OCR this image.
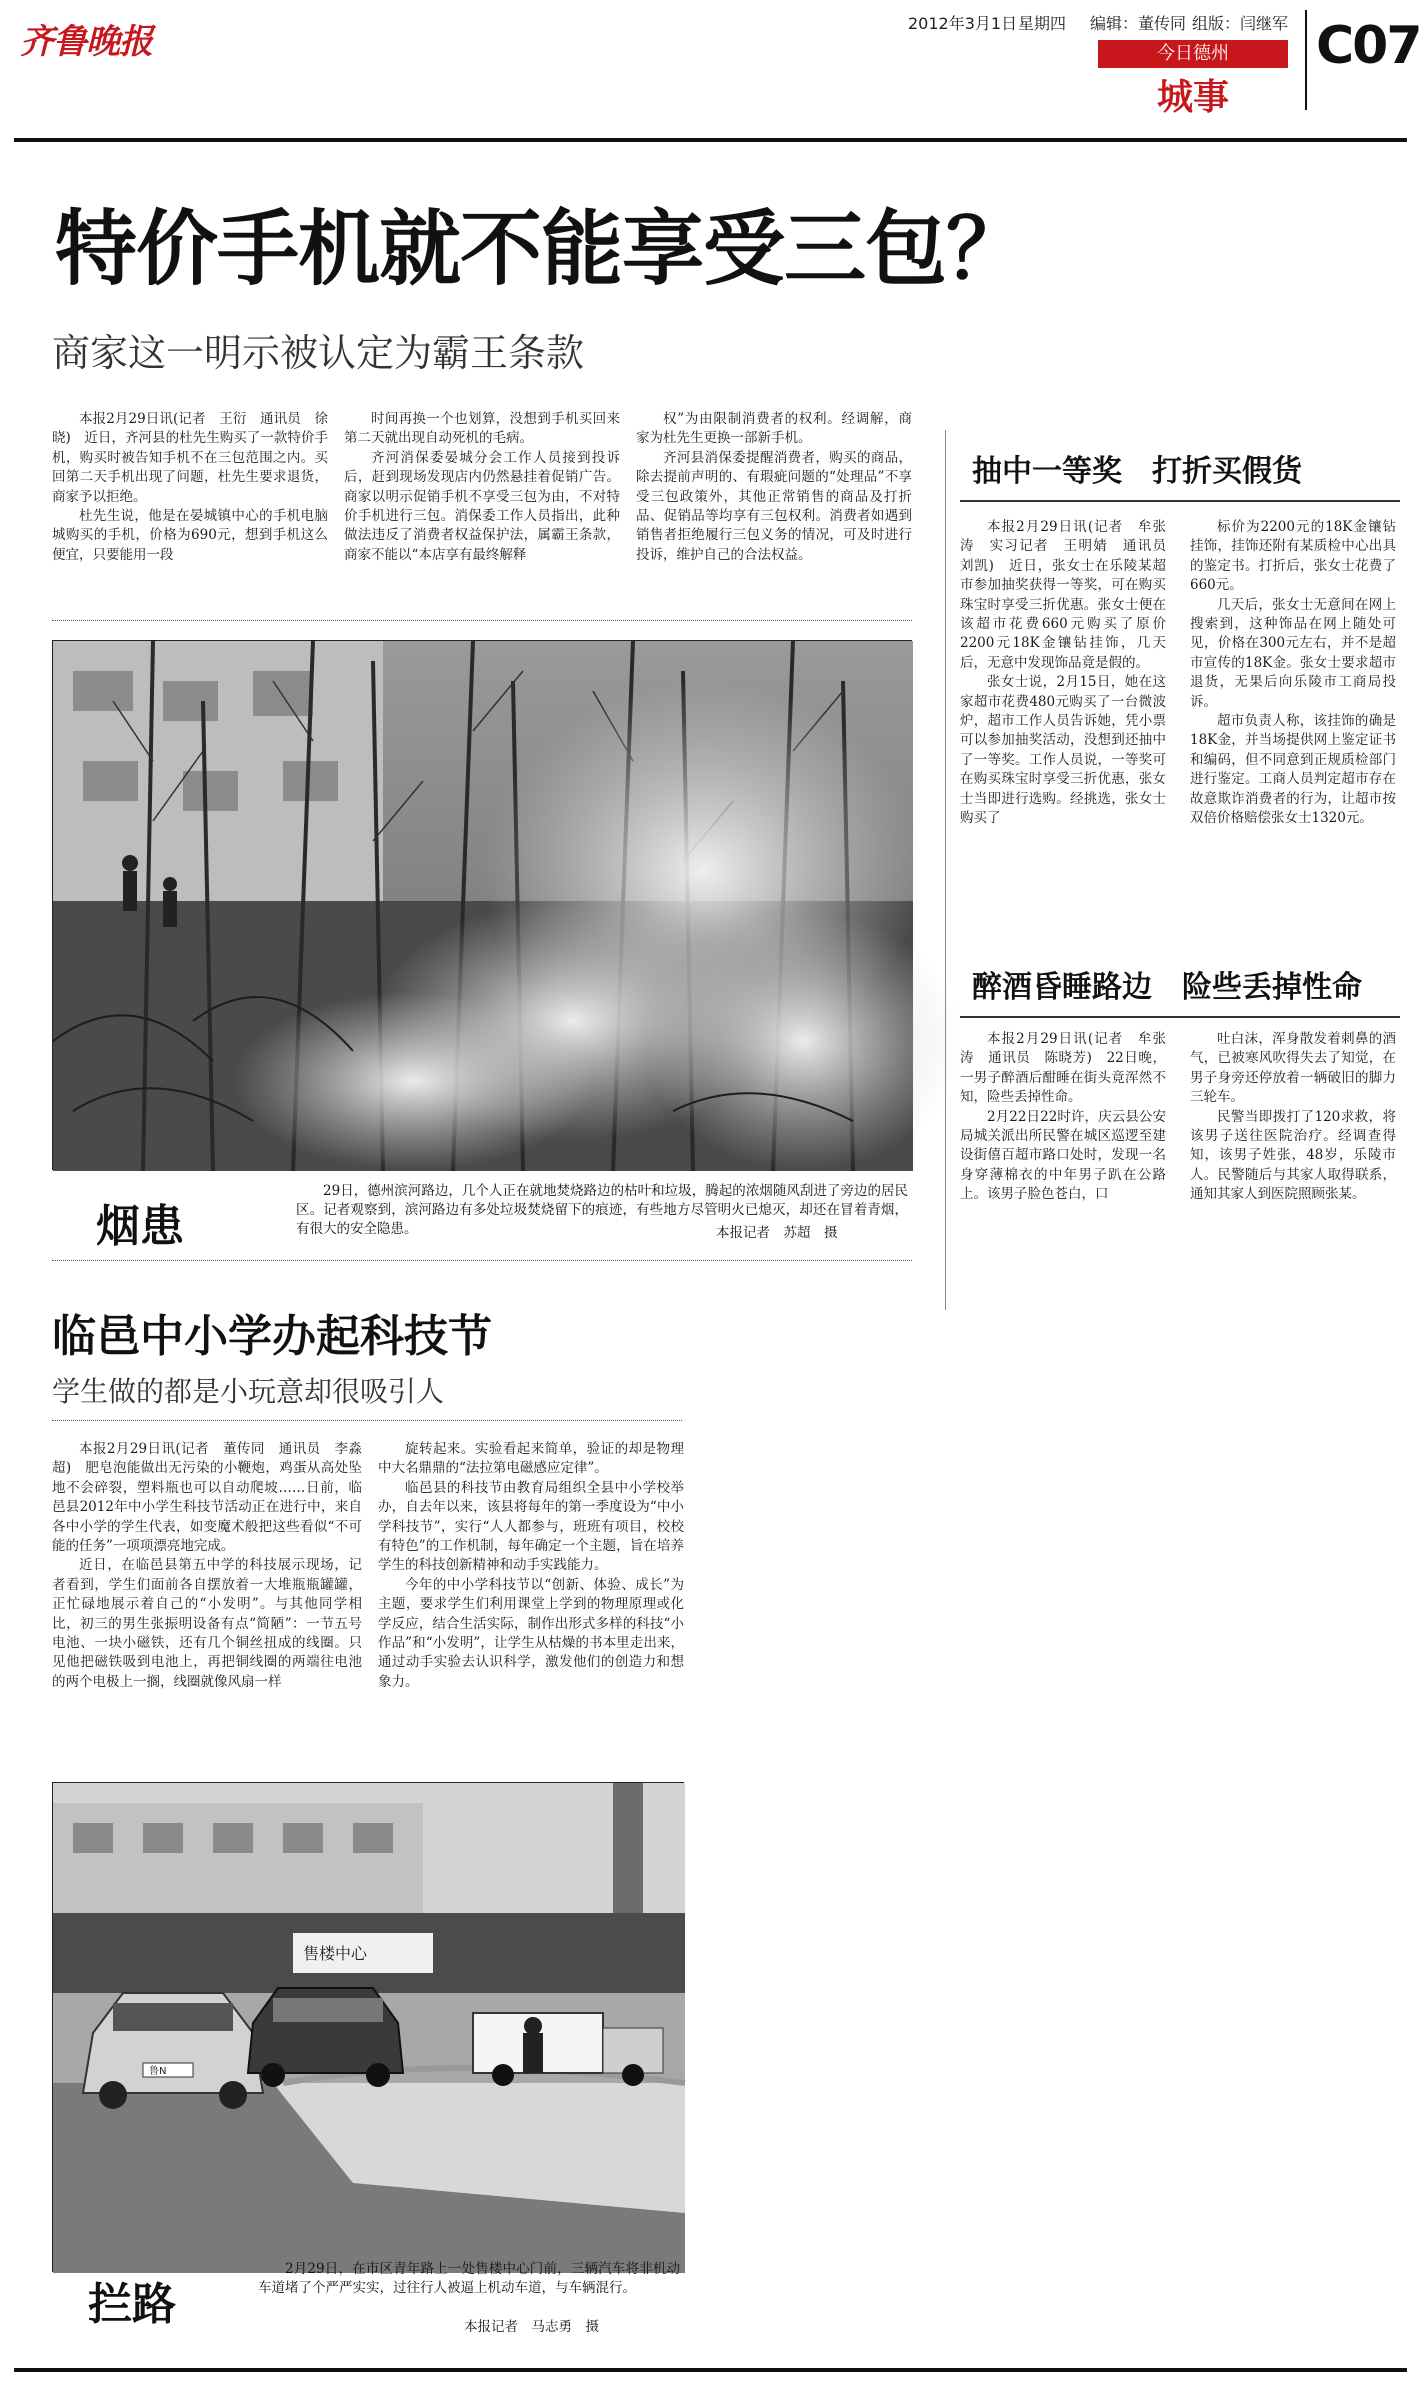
齐鲁晚报	2012年3月1日 星期四 编辑：董传同 组版：闫继军
今日德州
城事
C07
特价手机就不能享受三包？
商家这一明示被认定为霸王条款

本报2月29日讯(记者　王衍　通讯员　徐晓)　近日，齐河县的杜先生购买了一款特价手机，购买时被告知手机不在三包范围之内。买回第二天手机出现了问题，杜先生要求退货，商家予以拒绝。

杜先生说，他是在晏城镇中心的手机电脑城购买的手机，价格为690元，想到手机这么便宜，只要能用一段

时间再换一个也划算，没想到手机买回来第二天就出现自动死机的毛病。

齐河消保委晏城分会工作人员接到投诉后，赶到现场发现店内仍然悬挂着促销广告。商家以明示促销手机不享受三包为由，不对特价手机进行三包。消保委工作人员指出，此种做法违反了消费者权益保护法，属霸王条款，商家不能以“本店享有最终解释

权”为由限制消费者的权利。经调解，商家为杜先生更换一部新手机。

齐河县消保委提醒消费者，购买的商品，除去提前声明的、有瑕疵问题的“处理品”不享受三包政策外，其他正常销售的商品及打折品、促销品等均享有三包权利。消费者如遇到销售者拒绝履行三包义务的情况，可及时进行投诉，维护自己的合法权益。

烟患

29日，德州滨河路边，几个人正在就地焚烧路边的枯叶和垃圾，腾起的浓烟随风刮进了旁边的居民区。记者观察到，滨河路边有多处垃圾焚烧留下的痕迹，有些地方尽管明火已熄灭，却还在冒着青烟，有很大的安全隐患。	本报记者　苏超　摄
抽中一等奖　打折买假货

本报2月29日讯(记者　牟张涛　实习记者　王明婧　通讯员　刘凯)　近日，张女士在乐陵某超市参加抽奖获得一等奖，可在购买珠宝时享受三折优惠。张女士便在该超市花费660元购买了原价2200元18K金镶钻挂饰，几天后，无意中发现饰品竟是假的。

张女士说，2月15日，她在这家超市花费480元购买了一台微波炉，超市工作人员告诉她，凭小票可以参加抽奖活动，没想到还抽中了一等奖。工作人员说，一等奖可在购买珠宝时享受三折优惠，张女士当即进行选购。经挑选，张女士购买了

标价为2200元的18K金镶钻挂饰，挂饰还附有某质检中心出具的鉴定书。打折后，张女士花费了660元。

几天后，张女士无意间在网上搜索到，这种饰品在网上随处可见，价格在300元左右，并不是超市宣传的18K金。张女士要求超市退货，无果后向乐陵市工商局投诉。

超市负责人称，该挂饰的确是18K金，并当场提供网上鉴定证书和编码，但不同意到正规质检部门进行鉴定。工商人员判定超市存在故意欺诈消费者的行为，让超市按双倍价格赔偿张女士1320元。

醉酒昏睡路边　险些丢掉性命

本报2月29日讯(记者　牟张涛　通讯员　陈晓芳)　22日晚，一男子醉酒后酣睡在街头竟浑然不知，险些丢掉性命。

2月22日22时许，庆云县公安局城关派出所民警在城区巡逻至建设街僖百超市路口处时，发现一名身穿薄棉衣的中年男子趴在公路上。该男子脸色苍白，口

吐白沫，浑身散发着刺鼻的酒气，已被寒风吹得失去了知觉，在男子身旁还停放着一辆破旧的脚力三轮车。

民警当即拨打了120求救，将该男子送往医院治疗。经调查得知，该男子姓张，48岁，乐陵市人。民警随后与其家人取得联系，通知其家人到医院照顾张某。

临邑中小学办起科技节
学生做的都是小玩意却很吸引人

本报2月29日讯(记者　董传同　通讯员　李淼超)　肥皂泡能做出无污染的小鞭炮，鸡蛋从高处坠地不会碎裂，塑料瓶也可以自动爬坡……日前，临邑县2012年中小学生科技节活动正在进行中，来自各中小学的学生代表，如变魔术般把这些看似“不可能的任务”一项项漂亮地完成。

近日，在临邑县第五中学的科技展示现场，记者看到，学生们面前各自摆放着一大堆瓶瓶罐罐，正忙碌地展示着自己的“小发明”。与其他同学相比，初三的男生张振明设备有点“简陋”：一节五号电池、一块小磁铁，还有几个铜丝扭成的线圈。只见他把磁铁吸到电池上，再把铜线圈的两端往电池的两个电极上一搁，线圈就像风扇一样

旋转起来。实验看起来简单，验证的却是物理中大名鼎鼎的“法拉第电磁感应定律”。

临邑县的科技节由教育局组织全县中小学校举办，自去年以来，该县将每年的第一季度设为“中小学科技节”，实行“人人都参与，班班有项目，校校有特色”的工作机制，每年确定一个主题，旨在培养学生的科技创新精神和动手实践能力。

今年的中小学科技节以“创新、体验、成长”为主题，要求学生们利用课堂上学到的物理原理或化学反应，结合生活实际，制作出形式多样的科技“小作品”和“小发明”，让学生从枯燥的书本里走出来，通过动手实验去认识科学，激发他们的创造力和想象力。

售楼中心
鲁N
拦路

2月29日，在市区青年路上一处售楼中心门前，三辆汽车将非机动车道堵了个严严实实，过往行人被逼上机动车道，与车辆混行。

本报记者　马志勇　摄
